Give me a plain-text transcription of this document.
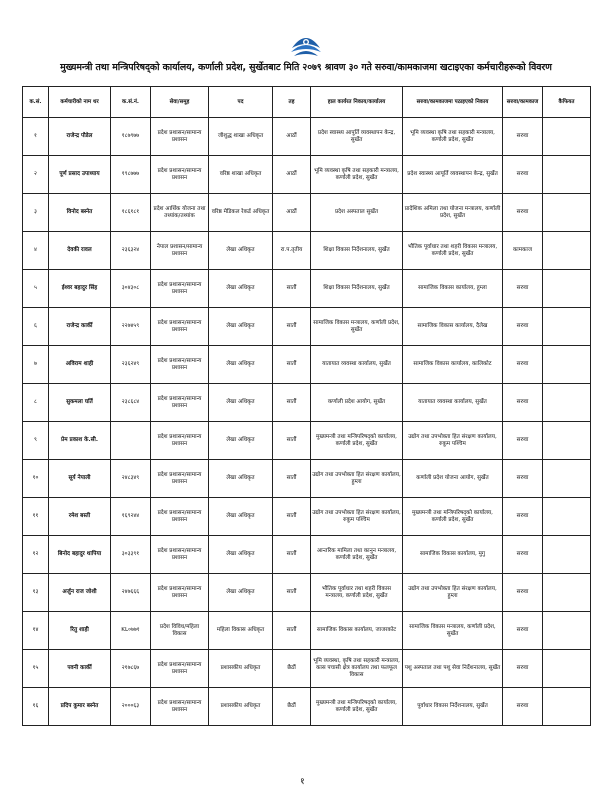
मुख्यमन्त्री तथा मन्त्रिपरिषद्को कार्यालय, कर्णाली प्रदेश, सुर्खेतबाट मिति २०७९ श्रावण ३० गते सरुवा/कामकाजमा खटाइएका कर्मचारीहरूको विवरण
क.सं.	कर्मचारीको नाम थर	क.सं.नं.	सेवा/समूह	पद	तह	हाल कार्यरत निकाय/कार्यालय	सरुवा/कामकाजमा पठाइएको निकाय	सरुवा/कामकाज	कैफियत
१	राजेन्द्र पौडेल	१८७९७७	प्रदेश प्रशासन/सामान्य प्रशासन	जीशुद्ध शाखा अधिकृत	आठौं	प्रदेश स्वास्थ्य आपूर्ति व्यवस्थापन केन्द्र, सुर्खेत	भूमि व्यवस्था कृषि तथा सहकारी मन्त्रालय, कर्णाली प्रदेश, सुर्खेत	सरुवा	
२	पूर्ण प्रसाद उपाध्याय	१९८७७७	प्रदेश प्रशासन/सामान्य प्रशासन	वरिष्ठ शाखा अधिकृत	आठौं	भूमि व्यवस्था कृषि तथा सहकारी मन्त्रालय, कर्णाली प्रदेश, सुर्खेत	प्रदेश स्वास्थ्य आपूर्ति व्यवस्थापन केन्द्र, सुर्खेत	सरुवा	
३	विनोद बस्नेत	१८६१८१	प्रदेश आर्थिक योजना तथा तथ्यांक/तथ्यांक	वरिष्ठ मेडिकल रेकर्ड अधिकृत	आठौं	प्रदेश अस्पताल सुर्खेत	प्रादेशिक अमिला तथा योजना मन्त्रालय, कर्णाली प्रदेश, सुर्खेत	सरुवा	
४	देवकी रावल	२३६३२४	नेपाल प्रशासन/सामान्य प्रशासन	लेखा अधिकृत	रा.प.तृतीय	शिक्षा विकास निर्देशनालय, सुर्खेत	भौतिक पूर्वाधार तथा शहरी विकास मन्त्रालय, कर्णाली प्रदेश, सुर्खेत	कामकाज	
५	ईश्वर बहादुर सिंह	३०४३०८	प्रदेश प्रशासन/सामान्य प्रशासन	लेखा अधिकृत	सातौं	शिक्षा विकास निर्देशनालय, सुर्खेत	सामाजिक विकास कार्यालय, हुम्ला	सरुवा	
६	राजेन्द्र कार्की	२२७४५९	प्रदेश प्रशासन/सामान्य प्रशासन	लेखा अधिकृत	सातौं	सामाजिक विकास मन्त्रालय, कर्णाली प्रदेश, सुर्खेत	सामाजिक विकास कार्यालय, दैलेख	सरुवा	
७	अविराम शाही	२३६२४९	प्रदेश प्रशासन/सामान्य प्रशासन	लेखा अधिकृत	सातौं	यातायात व्यवस्था कार्यालय, सुर्खेत	सामाजिक विकास कार्यालय, कालिकोट	सरुवा	
८	सुकमला घर्ति	२३८६८४	प्रदेश प्रशासन/सामान्य प्रशासन	लेखा अधिकृत	सातौं	कर्णाली प्रदेश आयोग, सुर्खेत	यातायात व्यवस्था कार्यालय, सुर्खेत	सरुवा	
९	प्रेम प्रकाश के.सी.		प्रदेश प्रशासन/सामान्य प्रशासन	लेखा अधिकृत	सातौं	मुख्यमन्त्री तथा मन्त्रिपरिषद्को कार्यालय, कर्णाली प्रदेश, सुर्खेत	उद्योग तथा उपभोक्ता हित संरक्षण कार्यालय, रुकुम पश्चिम	सरुवा	
१०	सूर्य नेपाली	२४८३४९	प्रदेश प्रशासन/सामान्य प्रशासन	लेखा अधिकृत	सातौं	उद्योग तथा उपभोक्ता हित संरक्षण कार्यालय, हुम्ला	कर्णाली प्रदेश योजना आयोग, सुर्खेत	सरुवा	
११	रमेश बस्ती	१६९२४४	प्रदेश प्रशासन/सामान्य प्रशासन	लेखा अधिकृत	सातौं	उद्योग तथा उपभोक्ता हित संरक्षण कार्यालय, रुकुम पश्चिम	मुख्यमन्त्री तथा मन्त्रिपरिषद्को कार्यालय, कर्णाली प्रदेश, सुर्खेत	सरुवा	
१२	बिनोद बहादुर थापिया	३०३३९१	प्रदेश प्रशासन/सामान्य प्रशासन	लेखा अधिकृत	सातौं	आन्तरिक मामिला तथा कानुन मन्त्रालय, कर्णाली प्रदेश, सुर्खेत	सामाजिक विकास कार्यालय, मुगु	सरुवा	
१३	अर्जुन राज जोशी	२४७६६६	प्रदेश प्रशासन/सामान्य प्रशासन	लेखा अधिकृत	सातौं	भौतिक पूर्वाधार तथा शहरी विकास मन्त्रालय, कर्णाली प्रदेश, सुर्खेत	उद्योग तथा उपभोक्ता हित संरक्षण कार्यालय, हुम्ला	सरुवा	
१४	रितु शाही	KL०७७१	प्रदेश विविध/महिला विकास	महिला विकास अधिकृत	सातौं	सामाजिक विकास कार्यालय, जाजरकोट	सामाजिक विकास मन्त्रालय, कर्णाली प्रदेश, सुर्खेत	सरुवा	
१५	पवनी कार्की	२१७८६७	प्रदेश प्रशासन/सामान्य प्रशासन	प्रशासकीय अधिकृत	छैठौं	भूमि व्यवस्था, कृषि तथा सहकारी मन्त्रालय, कास पचासी क्षेत्र कार्यालय तथा फलफूल विकास	पशु अस्पताल तथा पशु सेवा निर्देशनालय, सुर्खेत	सरुवा	
१६	प्रदिप कुमार बस्नेत	२०००६३	प्रदेश प्रशासन/सामान्य प्रशासन	प्रशासकीय अधिकृत	छैठौं	मुख्यमन्त्री तथा मन्त्रिपरिषद्को कार्यालय, कर्णाली प्रदेश, सुर्खेत	पूर्वाधार विकास निर्देशनालय, सुर्खेत	सरुवा	
१
